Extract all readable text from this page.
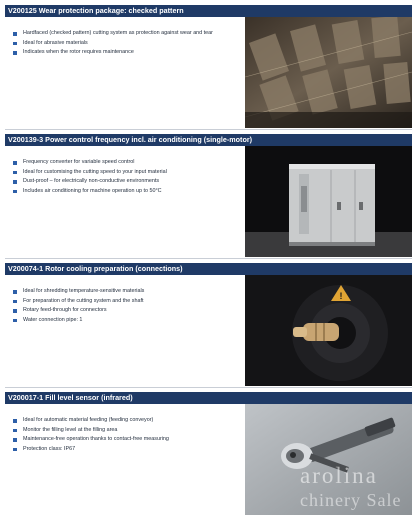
V200125 Wear protection package: checked pattern
Hardfaced (checked pattern) cutting system as protection against wear and tear
Ideal for abrasive materials
Indicates when the rotor requires maintenance
V200139-3 Power control frequency incl. air conditioning (single-motor)
Frequency converter for variable speed control
Ideal for customising the cutting speed to your input material
Dust-proof – for electrically non-conductive environments
Includes air conditioning for machine operation up to 50°C
V200074-1 Rotor cooling preparation (connections)
Ideal for shredding temperature-sensitive materials
For preparation of the cutting system and the shaft
Rotary feed-through for connectors
Water connection pipe: 1
!
V200017-1 Fill level sensor (infrared)
Ideal for automatic material feeding (feeding conveyor)
Monitor the filling level at the filling area
Maintenance-free operation thanks to contact-free measuring
Protection class: IP67
arolina
chinery Sale
